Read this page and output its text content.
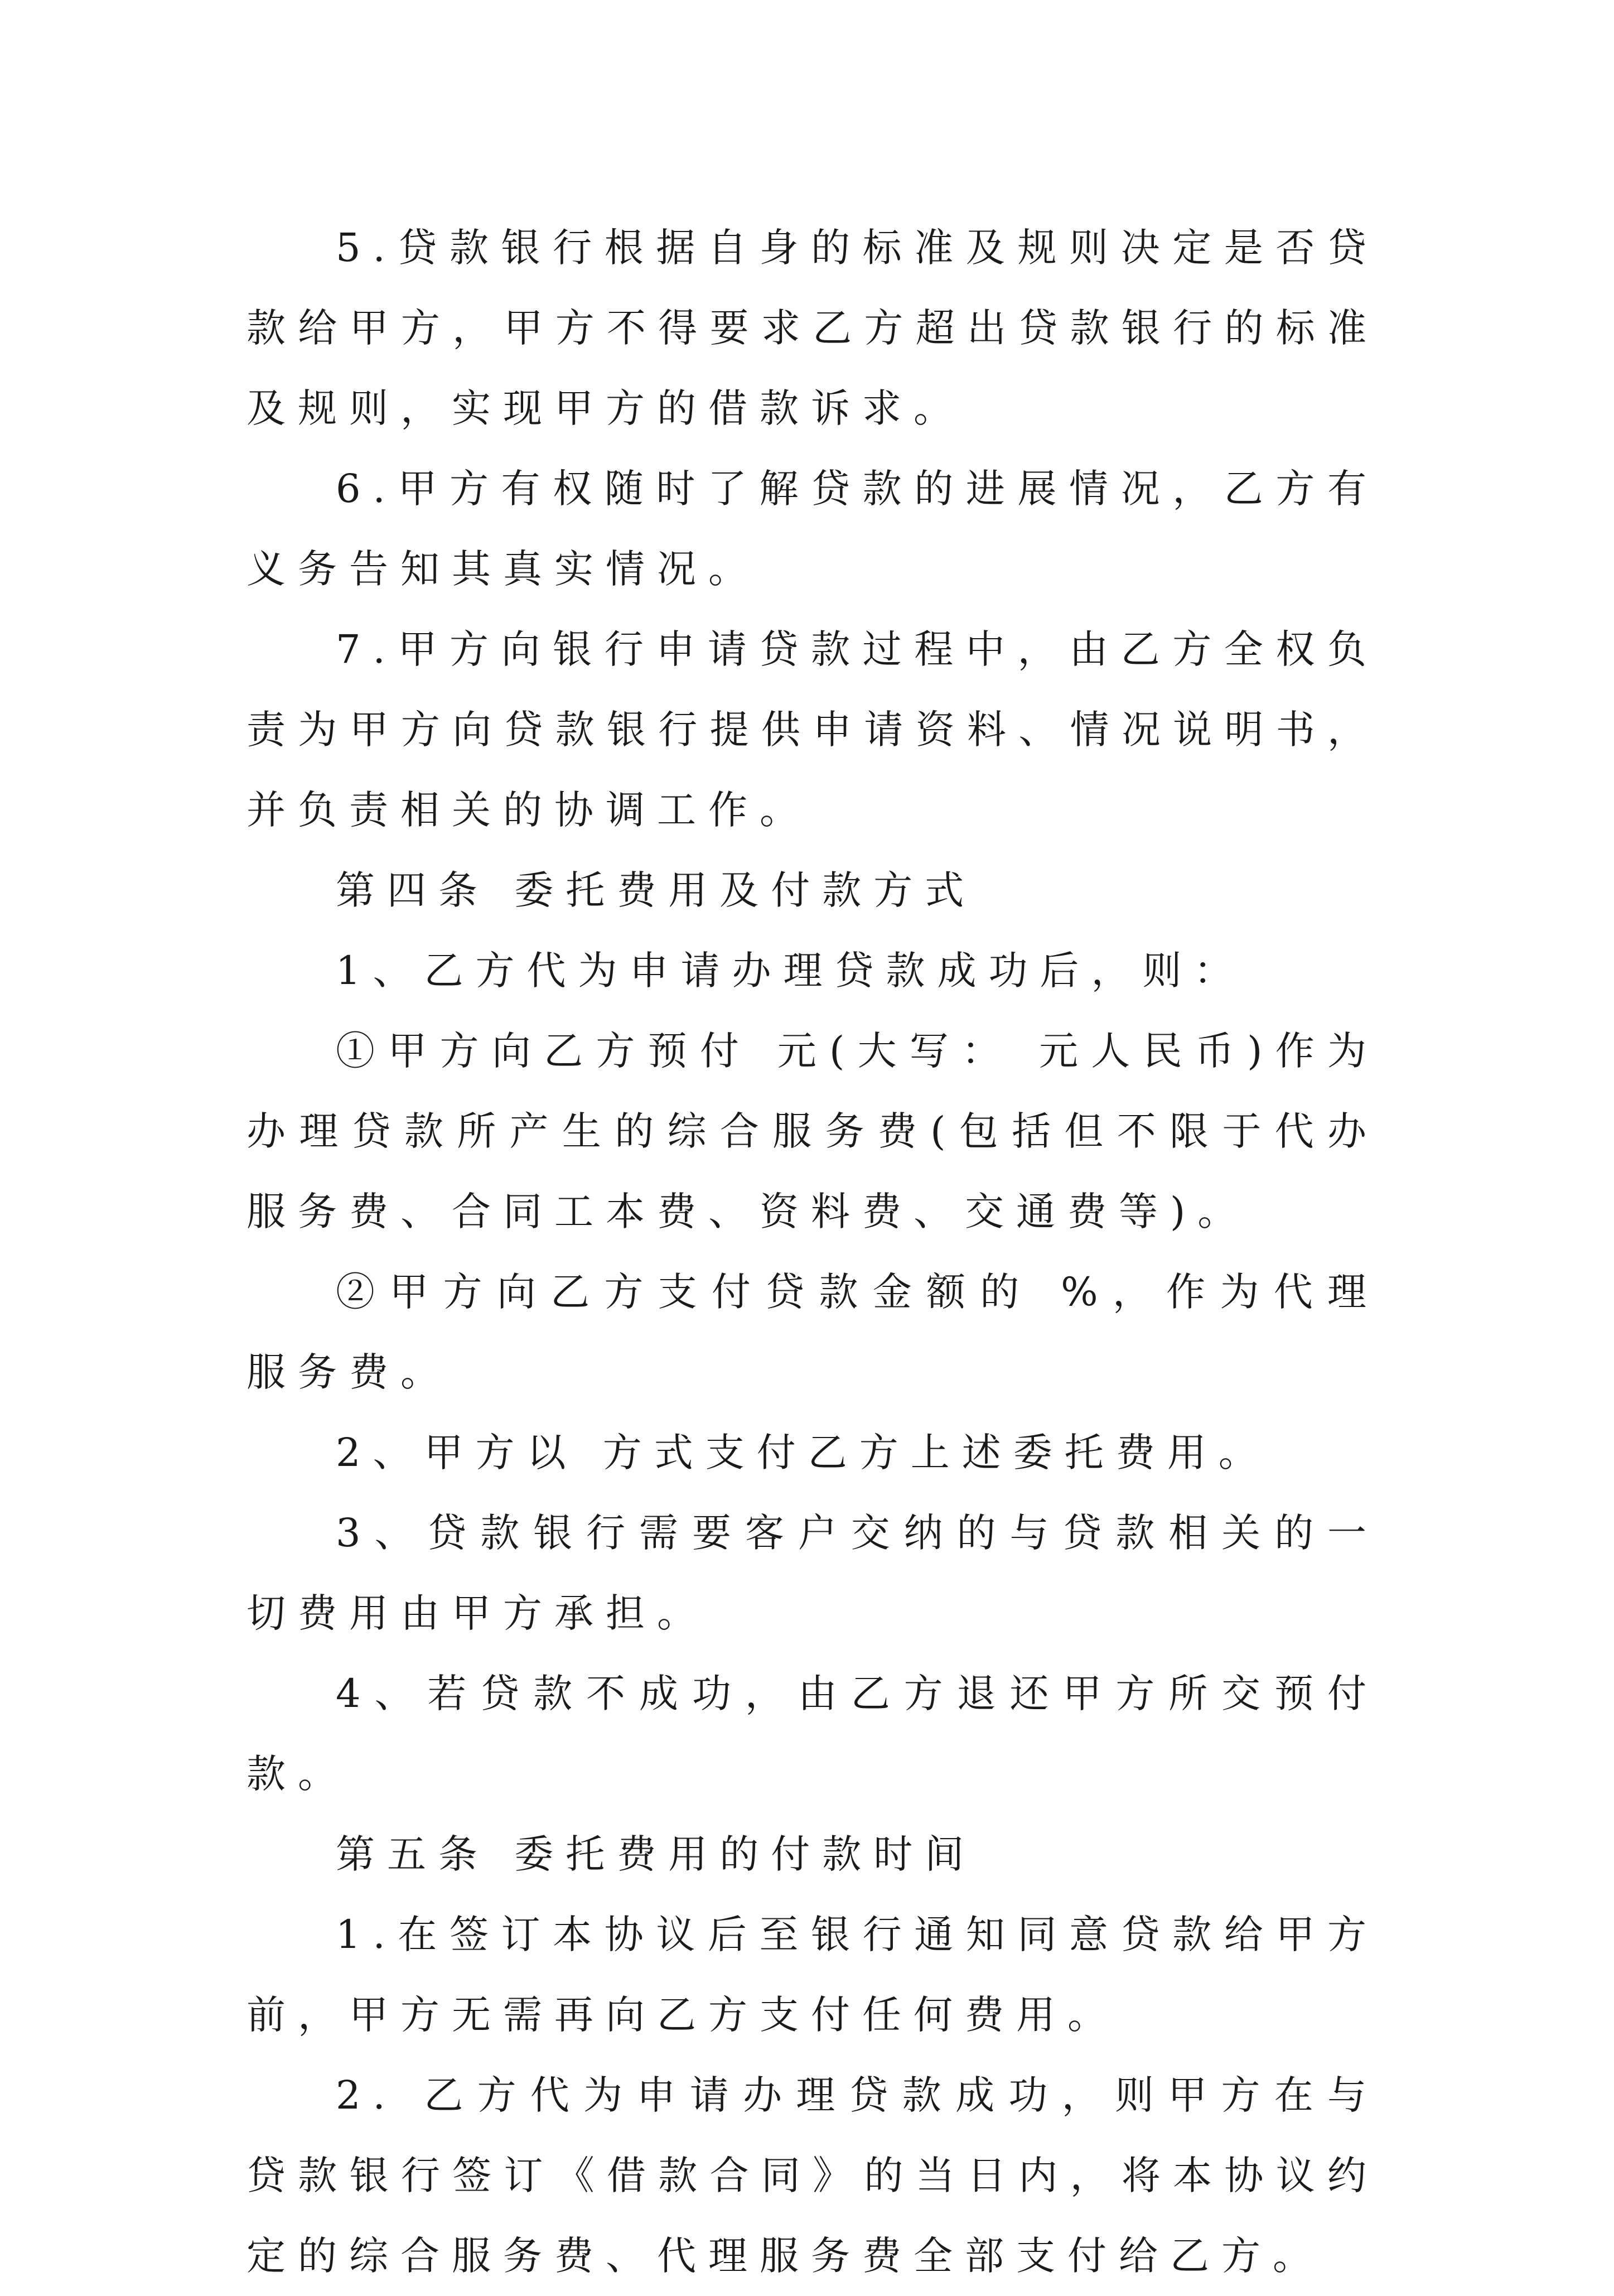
5.贷款银行根据自身的标准及规则决定是否贷款给甲方，甲方不得要求乙方超出贷款银行的标准及规则，实现甲方的借款诉求。

6.甲方有权随时了解贷款的进展情况，乙方有义务告知其真实情况。

7.甲方向银行申请贷款过程中，由乙方全权负责为甲方向贷款银行提供申请资料、情况说明书，并负责相关的协调工作。

第四条 委托费用及付款方式

1、乙方代为申请办理贷款成功后，则：

①甲方向乙方预付 元(大写： 元人民币)作为办理贷款所产生的综合服务费(包括但不限于代办服务费、合同工本费、资料费、交通费等)。

②甲方向乙方支付贷款金额的 %，作为代理服务费。

2、甲方以 方式支付乙方上述委托费用。

3、贷款银行需要客户交纳的与贷款相关的一切费用由甲方承担。

4、若贷款不成功，由乙方退还甲方所交预付款。

第五条 委托费用的付款时间

1.在签订本协议后至银行通知同意贷款给甲方前，甲方无需再向乙方支付任何费用。

2. 乙方代为申请办理贷款成功，则甲方在与贷款银行签订《借款合同》的当日内，将本协议约定的综合服务费、代理服务费全部支付给乙方。
